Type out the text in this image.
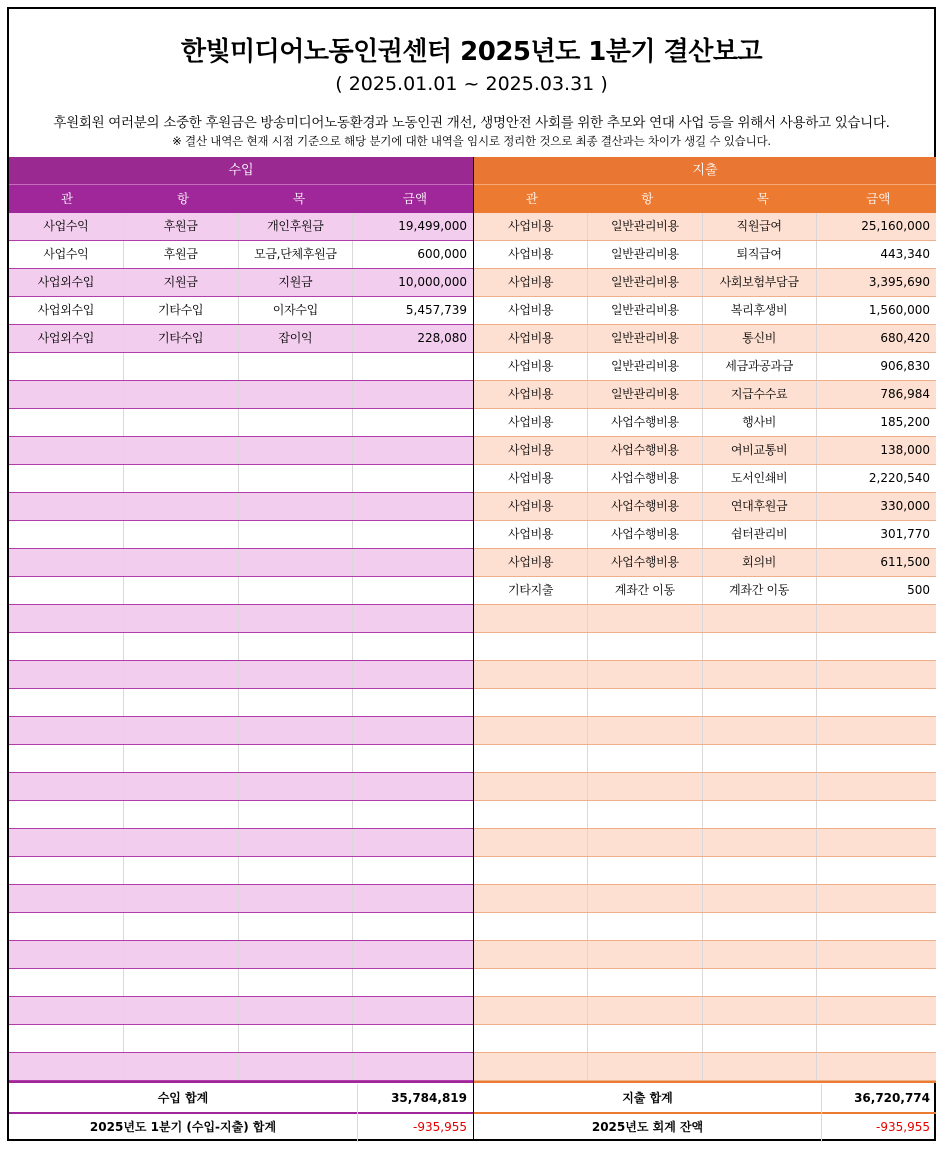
한빛미디어노동인권센터 2025년도 1분기 결산보고
( 2025.01.01 ~ 2025.03.31 )
후원회원 여러분의 소중한 후원금은 방송미디어노동환경과 노동인권 개선, 생명안전 사회를 위한 추모와 연대 사업 등을 위해서 사용하고 있습니다.
※ 결산 내역은 현재 시점 기준으로 해당 분기에 대한 내역을 임시로 정리한 것으로 최종 결산과는 차이가 생길 수 있습니다.
수입
관	항	목	금액
사업수익	후원금	개인후원금	19,499,000
사업수익	후원금	모금,단체후원금	600,000
사업외수입	지원금	지원금	10,000,000
사업외수입	기타수입	이자수입	5,457,739
사업외수입	기타수입	잡이익	228,080
지출
관	항	목	금액
사업비용	일반관리비용	직원급여	25,160,000
사업비용	일반관리비용	퇴직급여	443,340
사업비용	일반관리비용	사회보험부담금	3,395,690
사업비용	일반관리비용	복리후생비	1,560,000
사업비용	일반관리비용	통신비	680,420
사업비용	일반관리비용	세금과공과금	906,830
사업비용	일반관리비용	지급수수료	786,984
사업비용	사업수행비용	행사비	185,200
사업비용	사업수행비용	여비교통비	138,000
사업비용	사업수행비용	도서인쇄비	2,220,540
사업비용	사업수행비용	연대후원금	330,000
사업비용	사업수행비용	쉼터관리비	301,770
사업비용	사업수행비용	회의비	611,500
기타지출	계좌간 이동	계좌간 이동	500
수입 합계	35,784,819	지출 합계	36,720,774
2025년도 1분기 (수입-지출) 합계	-935,955	2025년도 회계 잔액	-935,955
